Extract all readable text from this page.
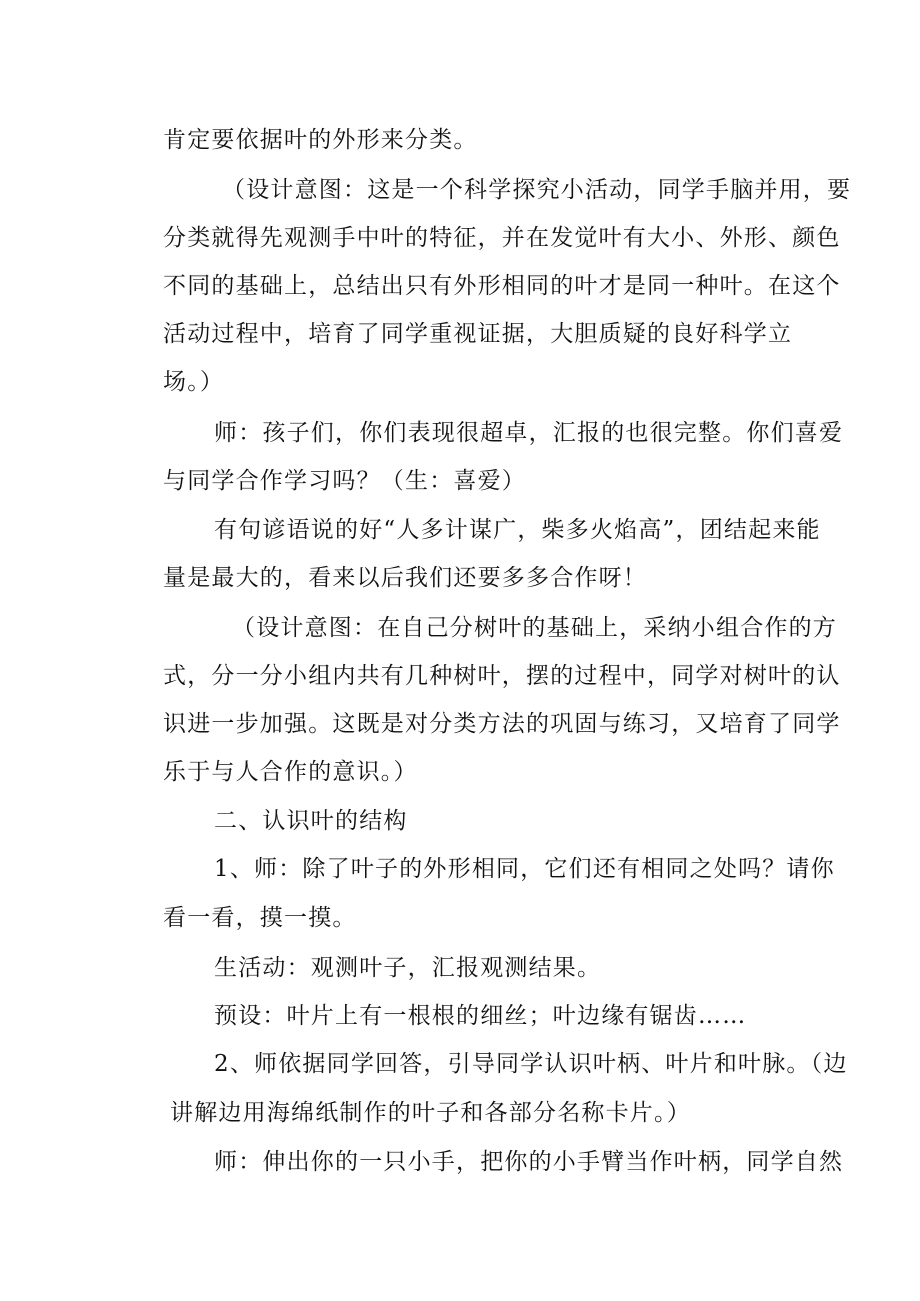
肯定要依据叶的外形来分类。
（设计意图：这是一个科学探究小活动，同学手脑并用，要
分类就得先观测手中叶的特征，并在发觉叶有大小、外形、颜色
不同的基础上，总结出只有外形相同的叶才是同一种叶。在这个
活动过程中，培育了同学重视证据，大胆质疑的良好科学立
场。）
师：孩子们，你们表现很超卓，汇报的也很完整。你们喜爱
与同学合作学习吗？（生：喜爱）
有句谚语说的好“人多计谋广，柴多火焰高”，团结起来能
量是最大的，看来以后我们还要多多合作呀！
（设计意图：在自己分树叶的基础上，采纳小组合作的方
式，分一分小组内共有几种树叶，摆的过程中，同学对树叶的认
识进一步加强。这既是对分类方法的巩固与练习，又培育了同学
乐于与人合作的意识。）
二、认识叶的结构
1、师：除了叶子的外形相同，它们还有相同之处吗？请你
看一看，摸一摸。
生活动：观测叶子，汇报观测结果。
预设：叶片上有一根根的细丝；叶边缘有锯齿……
2、师依据同学回答，引导同学认识叶柄、叶片和叶脉。（边
讲解边用海绵纸制作的叶子和各部分名称卡片。）
师：伸出你的一只小手，把你的小手臂当作叶柄，同学自然
